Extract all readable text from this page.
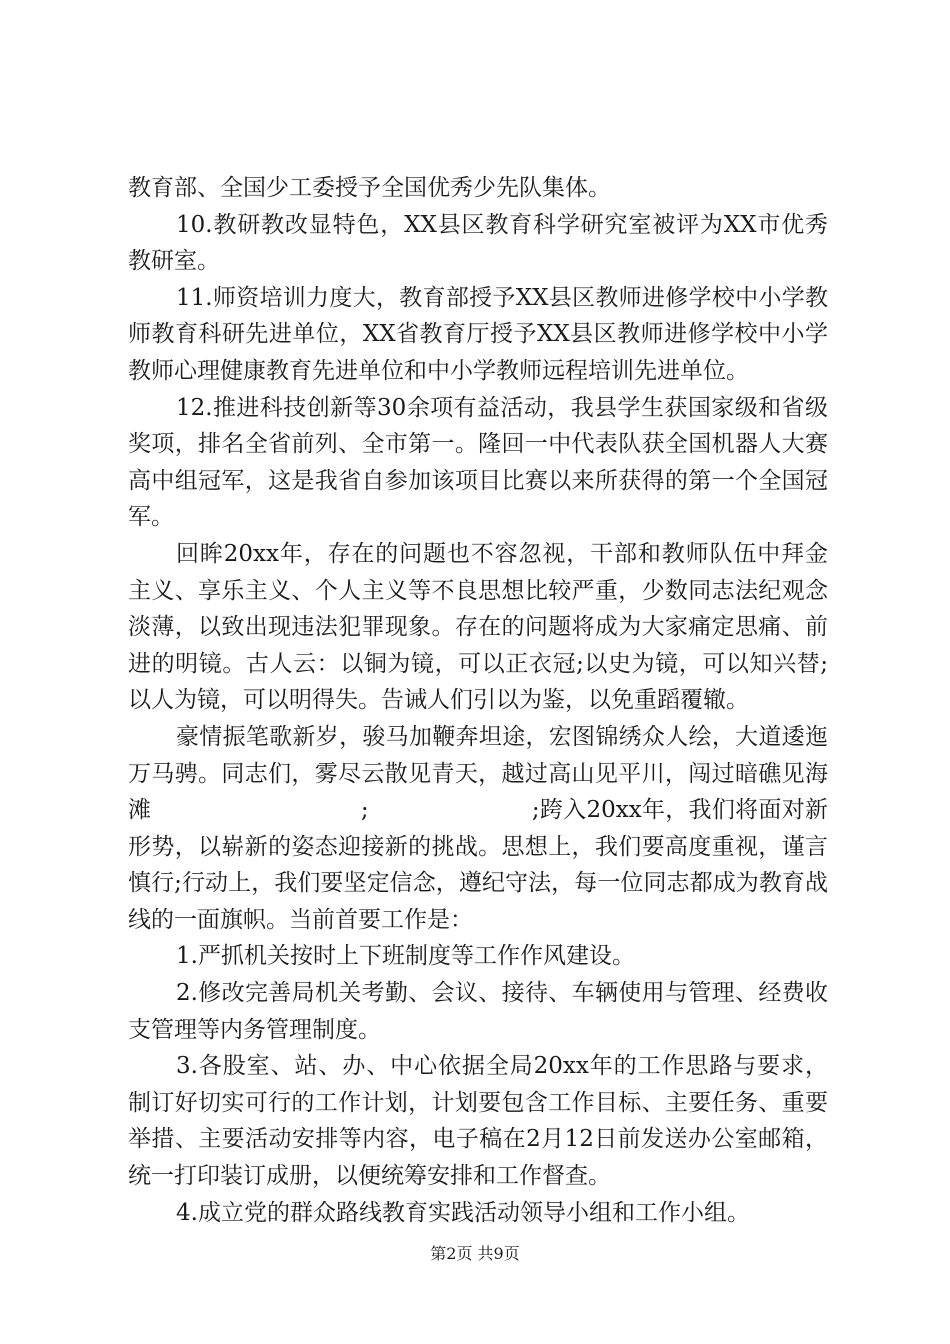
教育部、全国少工委授予全国优秀少先队集体。

10.教研教改显特色，XX县区教育科学研究室被评为XX市优秀教研室。

11.师资培训力度大，教育部授予XX县区教师进修学校中小学教师教育科研先进单位，XX省教育厅授予XX县区教师进修学校中小学教师心理健康教育先进单位和中小学教师远程培训先进单位。

12.推进科技创新等30余项有益活动，我县学生获国家级和省级奖项，排名全省前列、全市第一。隆回一中代表队获全国机器人大赛高中组冠军，这是我省自参加该项目比赛以来所获得的第一个全国冠军。

回眸20xx年，存在的问题也不容忽视，干部和教师队伍中拜金主义、享乐主义、个人主义等不良思想比较严重，少数同志法纪观念淡薄，以致出现违法犯罪现象。存在的问题将成为大家痛定思痛、前进的明镜。古人云：以铜为镜，可以正衣冠;以史为镜，可以知兴替;以人为镜，可以明得失。告诫人们引以为鉴，以免重蹈覆辙。

豪情振笔歌新岁，骏马加鞭奔坦途，宏图锦绣众人绘，大道逶迤万马骋。同志们，雾尽云散见青天，越过高山见平川，闯过暗礁见海滩　　　　　　　　　;　　　　　　　;跨入20xx年，我们将面对新形势，以崭新的姿态迎接新的挑战。思想上，我们要高度重视，谨言慎行;行动上，我们要坚定信念，遵纪守法，每一位同志都成为教育战线的一面旗帜。当前首要工作是：

1.严抓机关按时上下班制度等工作作风建设。

2.修改完善局机关考勤、会议、接待、车辆使用与管理、经费收支管理等内务管理制度。

3.各股室、站、办、中心依据全局20xx年的工作思路与要求，制订好切实可行的工作计划，计划要包含工作目标、主要任务、重要举措、主要活动安排等内容，电子稿在2月12日前发送办公室邮箱，统一打印装订成册，以便统筹安排和工作督查。

4.成立党的群众路线教育实践活动领导小组和工作小组。

第2页 共9页
